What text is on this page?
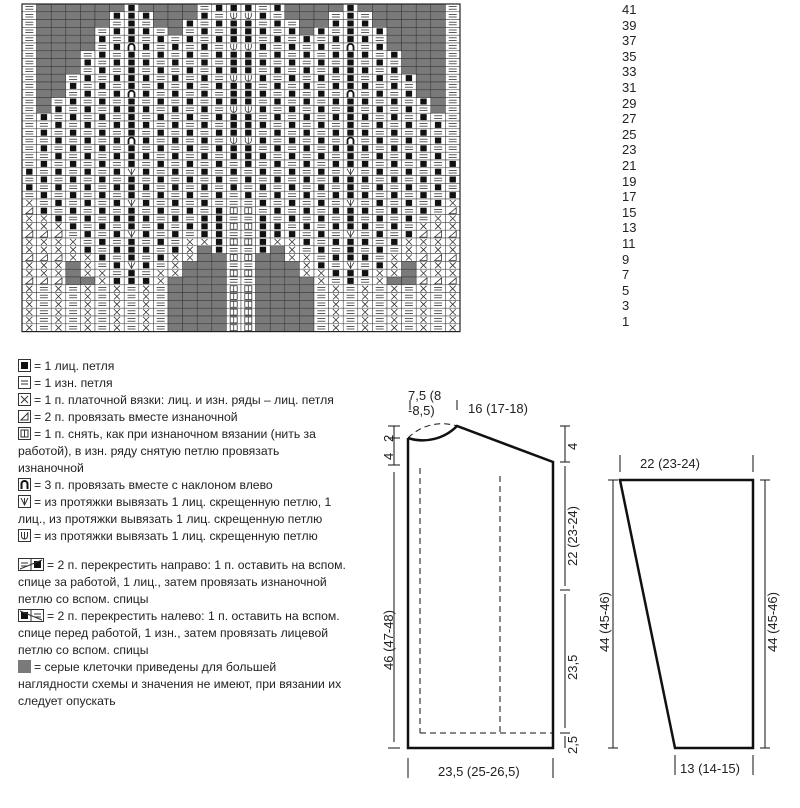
41
39
37
35
33
31
29
27
25
23
21
19
17
15
13
11
9
7
5
3
1

= 1 лиц. петля

= 1 изн. петля

= 1 п. платочной вязки: лиц. и изн. ряды – лиц. петля

= 2 п. провязать вместе изнаночной

= 1 п. снять, как при изнаночном вязании (нить за работой), в изн. ряду снятую петлю провязать изнаночной

= 3 п. провязать вместе с наклоном влево

= из протяжки вывязать 1 лиц. скрещенную петлю, 1 лиц., из протяжки вывязать 1 лиц. скрещенную петлю

= из протяжки вывязать 1 лиц. скрещенную петлю

= 2 п. перекрестить направо: 1 п. оставить на вспом. спице за работой, 1 лиц., затем провязать изнаночной петлю со вспом. спицы

= 2 п. перекрестить налево: 1 п. оставить на вспом. спице перед работой, 1 изн., затем провязать лицевой петлю со вспом. спицы

= серые клеточки приведены для большей наглядности схемы и значения не имеют, при вязании их следует опускать

7,5 (8 -8,5)	16 (17-18)
2
4
46 (47-48)
4
22 (23-24)
23,5
2,5
23,5 (25-26,5)
22 (23-24)
44 (45-46)	44 (45-46)
13 (14-15)
